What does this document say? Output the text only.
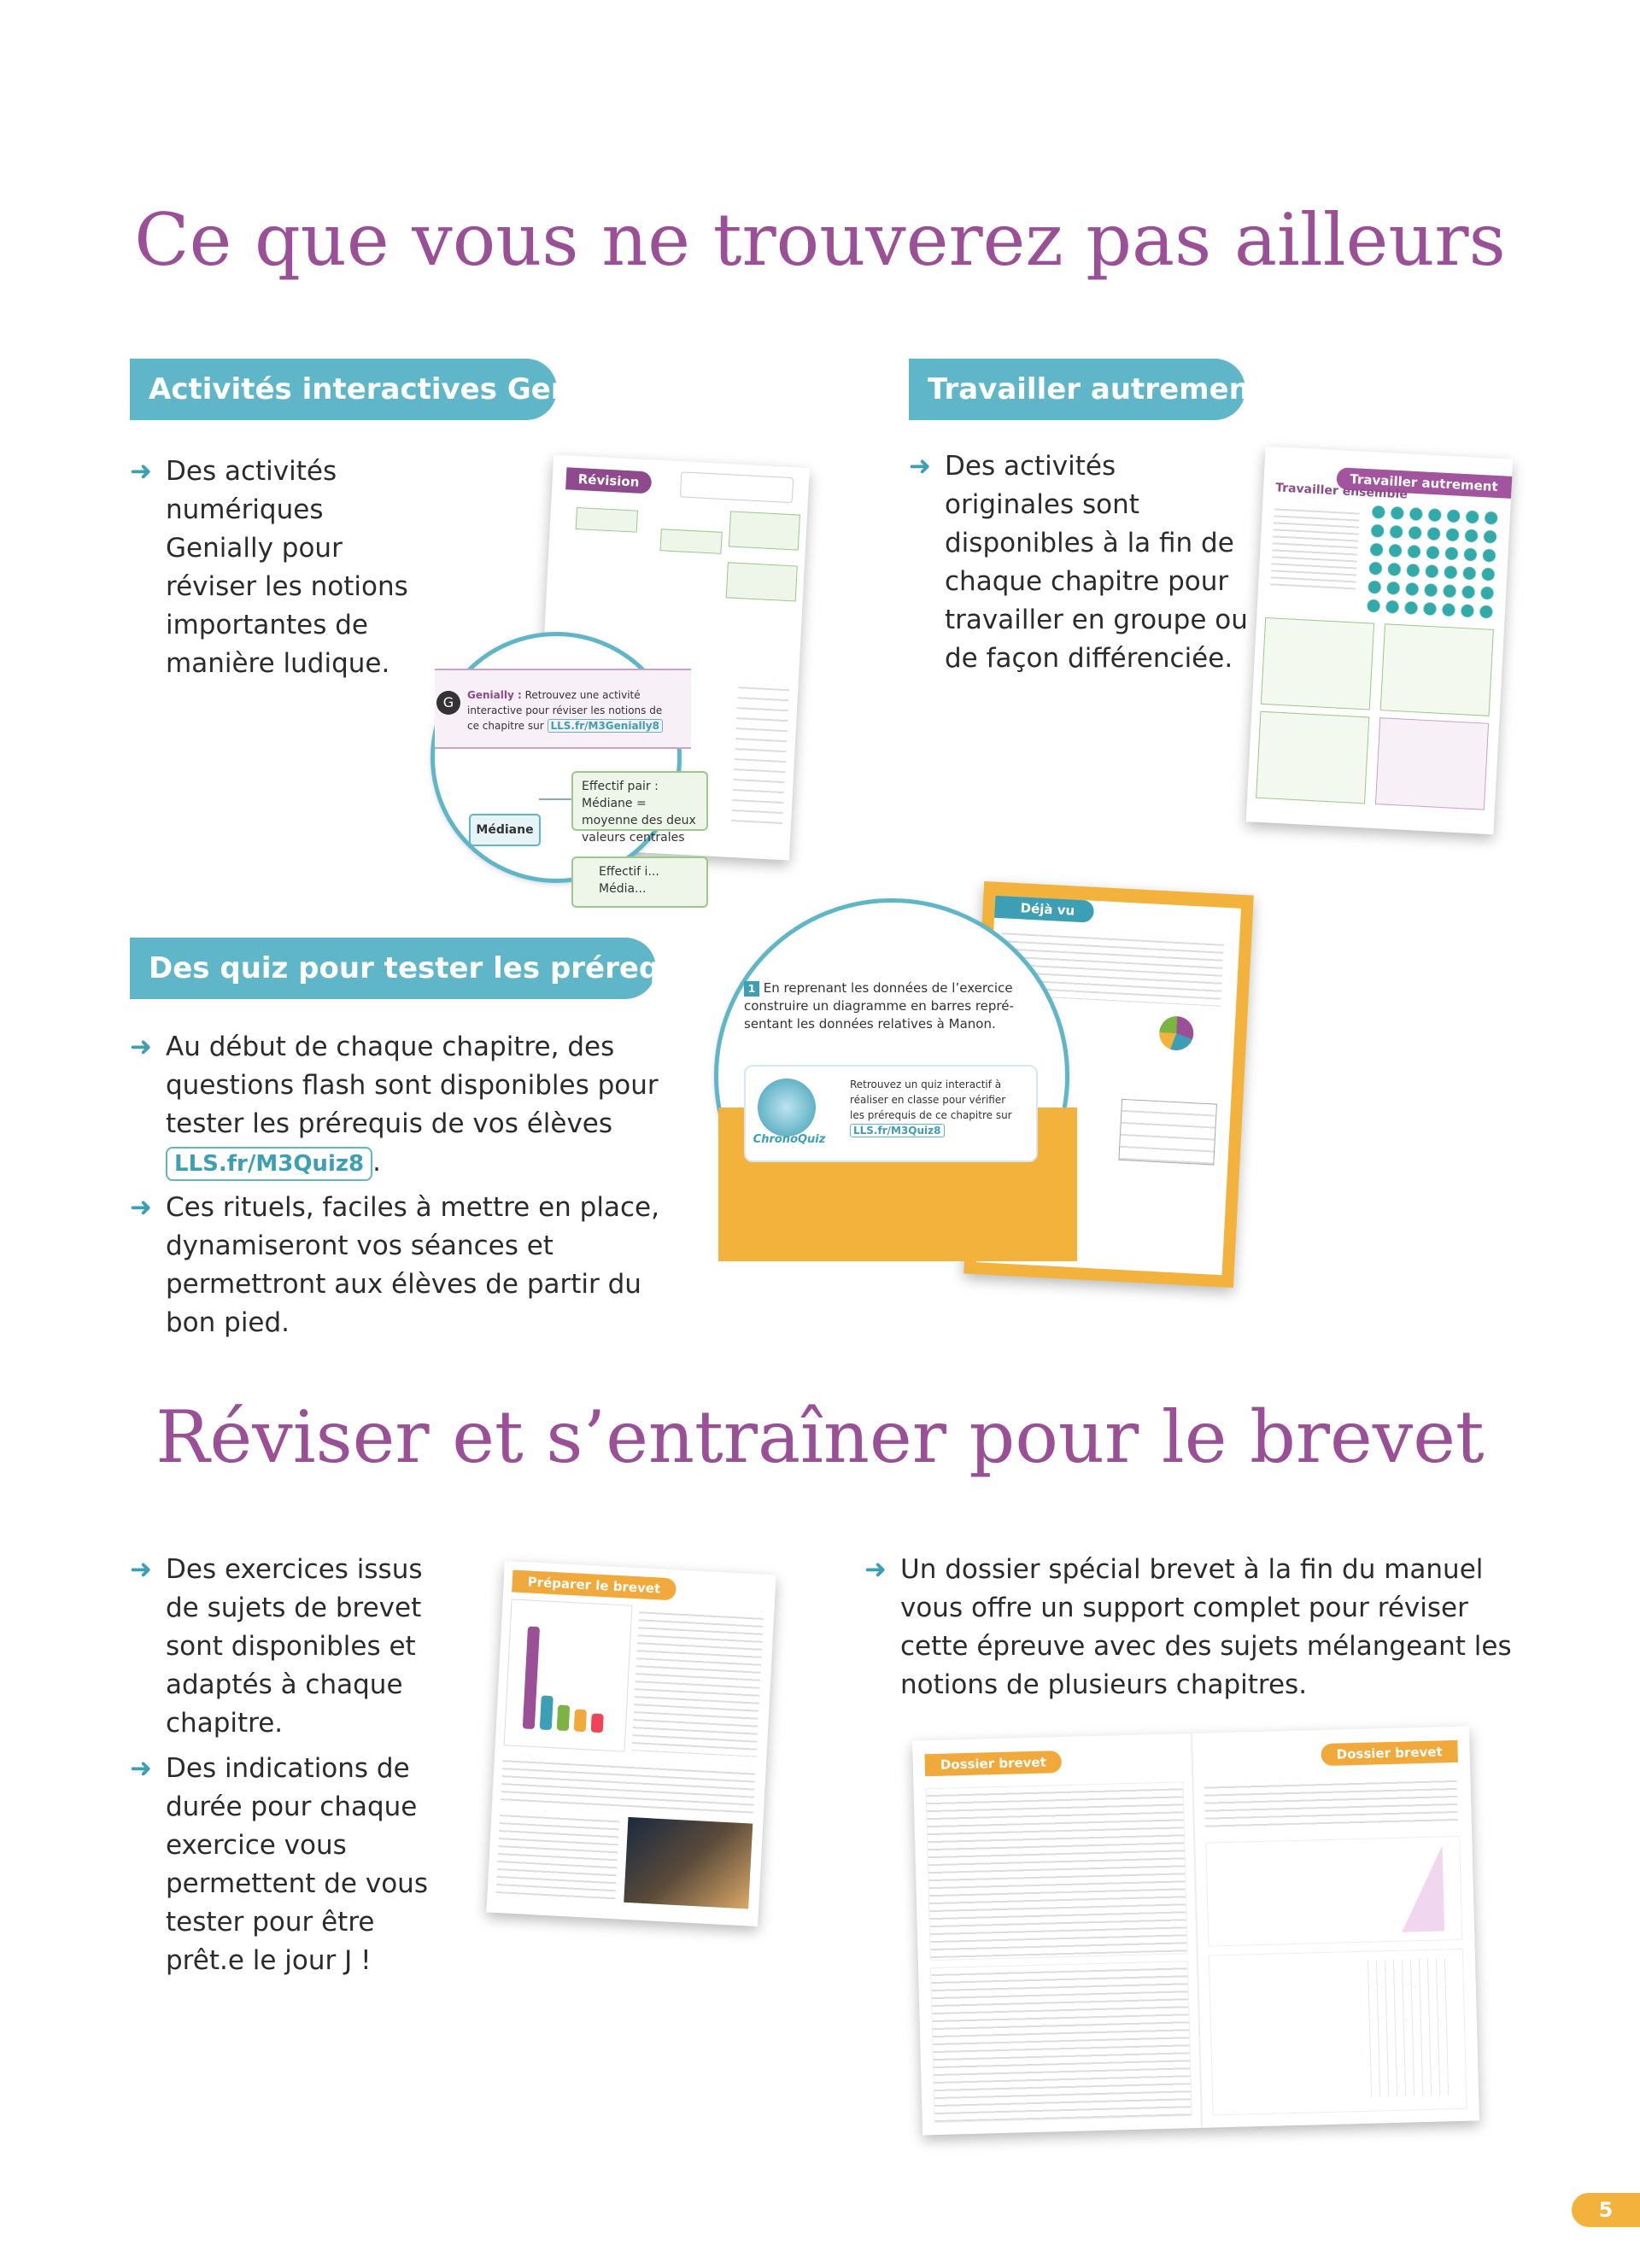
Ce que vous ne trouverez pas ailleurs
Activités interactives Genially
➜ Des activités numériques Genially pour réviser les notions importantes de manière ludique.
Révision
G	Genially : Retrouvez une activité interactive pour réviser les notions de ce chapitre sur LLS.fr/M3Genially8
Effectif pair : Médiane = moyenne des deux valeurs centrales
Médiane
Effectif i... Média...
Travailler autrement
➜ Des activités originales sont disponibles à la fin de chaque chapitre pour travailler en groupe ou de façon différenciée.
Travailler autrement
Travailler ensemble
Des quiz pour tester les prérequis
➜ Au début de chaque chapitre, des questions flash sont disponibles pour tester les prérequis de vos élèves LLS.fr/M3Quiz8 .
➜ Ces rituels, faciles à mettre en place, dynamiseront vos séances et permettront aux élèves de partir du bon pied.
Déjà vu
1 En reprenant les données de l’exercice construire un diagramme en barres repré-sentant les données relatives à Manon.
ChronoQuiz
Retrouvez un quiz interactif à réaliser en classe pour vérifier les prérequis de ce chapitre sur LLS.fr/M3Quiz8
Réviser et s’entraîner pour le brevet
➜ Des exercices issus de sujets de brevet sont disponibles et adaptés à chaque chapitre.
➜ Des indications de durée pour chaque exercice vous permettent de vous tester pour être prêt.e le jour J !
Préparer le brevet
➜ Un dossier spécial brevet à la fin du manuel vous offre un support complet pour réviser cette épreuve avec des sujets mélangeant les notions de plusieurs chapitres.
Dossier brevet
Dossier brevet
5
